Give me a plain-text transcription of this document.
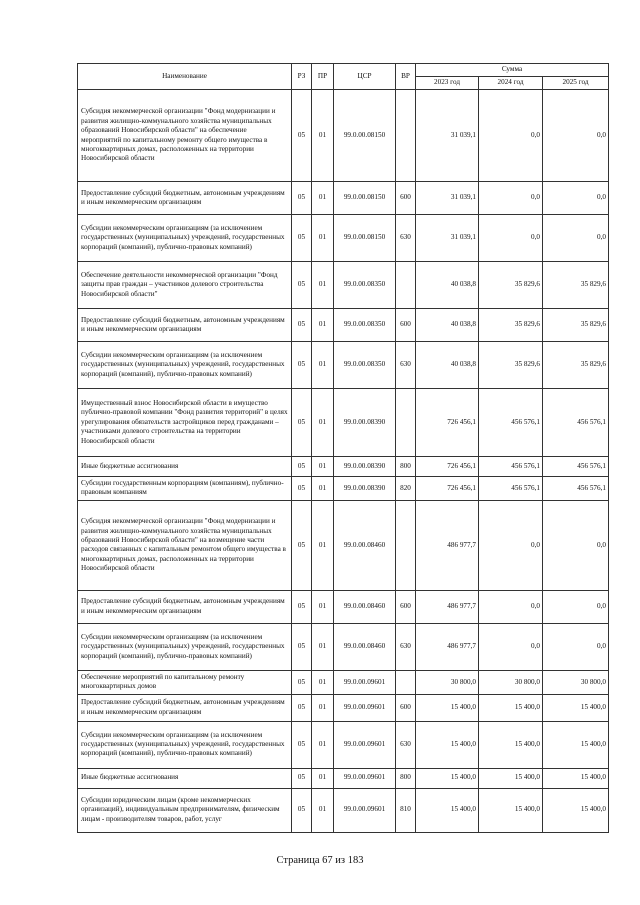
Наименование	РЗ	ПР	ЦСР	ВР	Сумма		
					2023 год	2024 год	2025 год
Субсидия некоммерческой организации "Фонд модернизации и развития жилищно-коммунального хозяйства муниципальных образований Новосибирской области" на обеспечение мероприятий по капитальному ремонту общего имущества в многоквартирных домах, расположенных на территории Новосибирской области	05	01	99.0.00.08150		31 039,1	0,0	0,0
Предоставление субсидий бюджетным, автономным учреждениям и иным некоммерческим организациям	05	01	99.0.00.08150	600	31 039,1	0,0	0,0
Субсидии некоммерческим организациям (за исключением государственных (муниципальных) учреждений, государственных корпораций (компаний), публично-правовых компаний)	05	01	99.0.00.08150	630	31 039,1	0,0	0,0
Обеспечение деятельности некоммерческой организации "Фонд защиты прав граждан – участников долевого строительства Новосибирской области"	05	01	99.0.00.08350		40 038,8	35 829,6	35 829,6
Предоставление субсидий бюджетным, автономным учреждениям и иным некоммерческим организациям	05	01	99.0.00.08350	600	40 038,8	35 829,6	35 829,6
Субсидии некоммерческим организациям (за исключением государственных (муниципальных) учреждений, государственных корпораций (компаний), публично-правовых компаний)	05	01	99.0.00.08350	630	40 038,8	35 829,6	35 829,6
Имущественный взнос Новосибирской области в имущество публично-правовой компании "Фонд развития территорий" в целях урегулирования обязательств застройщиков перед гражданами – участниками долевого строительства на территории Новосибирской области	05	01	99.0.00.08390		726 456,1	456 576,1	456 576,1
Иные бюджетные ассигнования	05	01	99.0.00.08390	800	726 456,1	456 576,1	456 576,1
Субсидии государственным корпорациям (компаниям), публично-правовым компаниям	05	01	99.0.00.08390	820	726 456,1	456 576,1	456 576,1
Субсидия некоммерческой организации "Фонд модернизации и развития жилищно-коммунального хозяйства муниципальных образований Новосибирской области" на возмещение части расходов связанных с капитальным ремонтом общего имущества в многоквартирных домах, расположенных на территории Новосибирской области	05	01	99.0.00.08460		486 977,7	0,0	0,0
Предоставление субсидий бюджетным, автономным учреждениям и иным некоммерческим организациям	05	01	99.0.00.08460	600	486 977,7	0,0	0,0
Субсидии некоммерческим организациям (за исключением государственных (муниципальных) учреждений, государственных корпораций (компаний), публично-правовых компаний)	05	01	99.0.00.08460	630	486 977,7	0,0	0,0
Обеспечение мероприятий по капитальному ремонту многоквартирных домов	05	01	99.0.00.09601		30 800,0	30 800,0	30 800,0
Предоставление субсидий бюджетным, автономным учреждениям и иным некоммерческим организациям	05	01	99.0.00.09601	600	15 400,0	15 400,0	15 400,0
Субсидии некоммерческим организациям (за исключением государственных (муниципальных) учреждений, государственных корпораций (компаний), публично-правовых компаний)	05	01	99.0.00.09601	630	15 400,0	15 400,0	15 400,0
Иные бюджетные ассигнования	05	01	99.0.00.09601	800	15 400,0	15 400,0	15 400,0
Субсидии юридическим лицам (кроме некоммерческих организаций), индивидуальным предпринимателям, физическим лицам - производителям товаров, работ, услуг	05	01	99.0.00.09601	810	15 400,0	15 400,0	15 400,0
Страница 67 из 183
